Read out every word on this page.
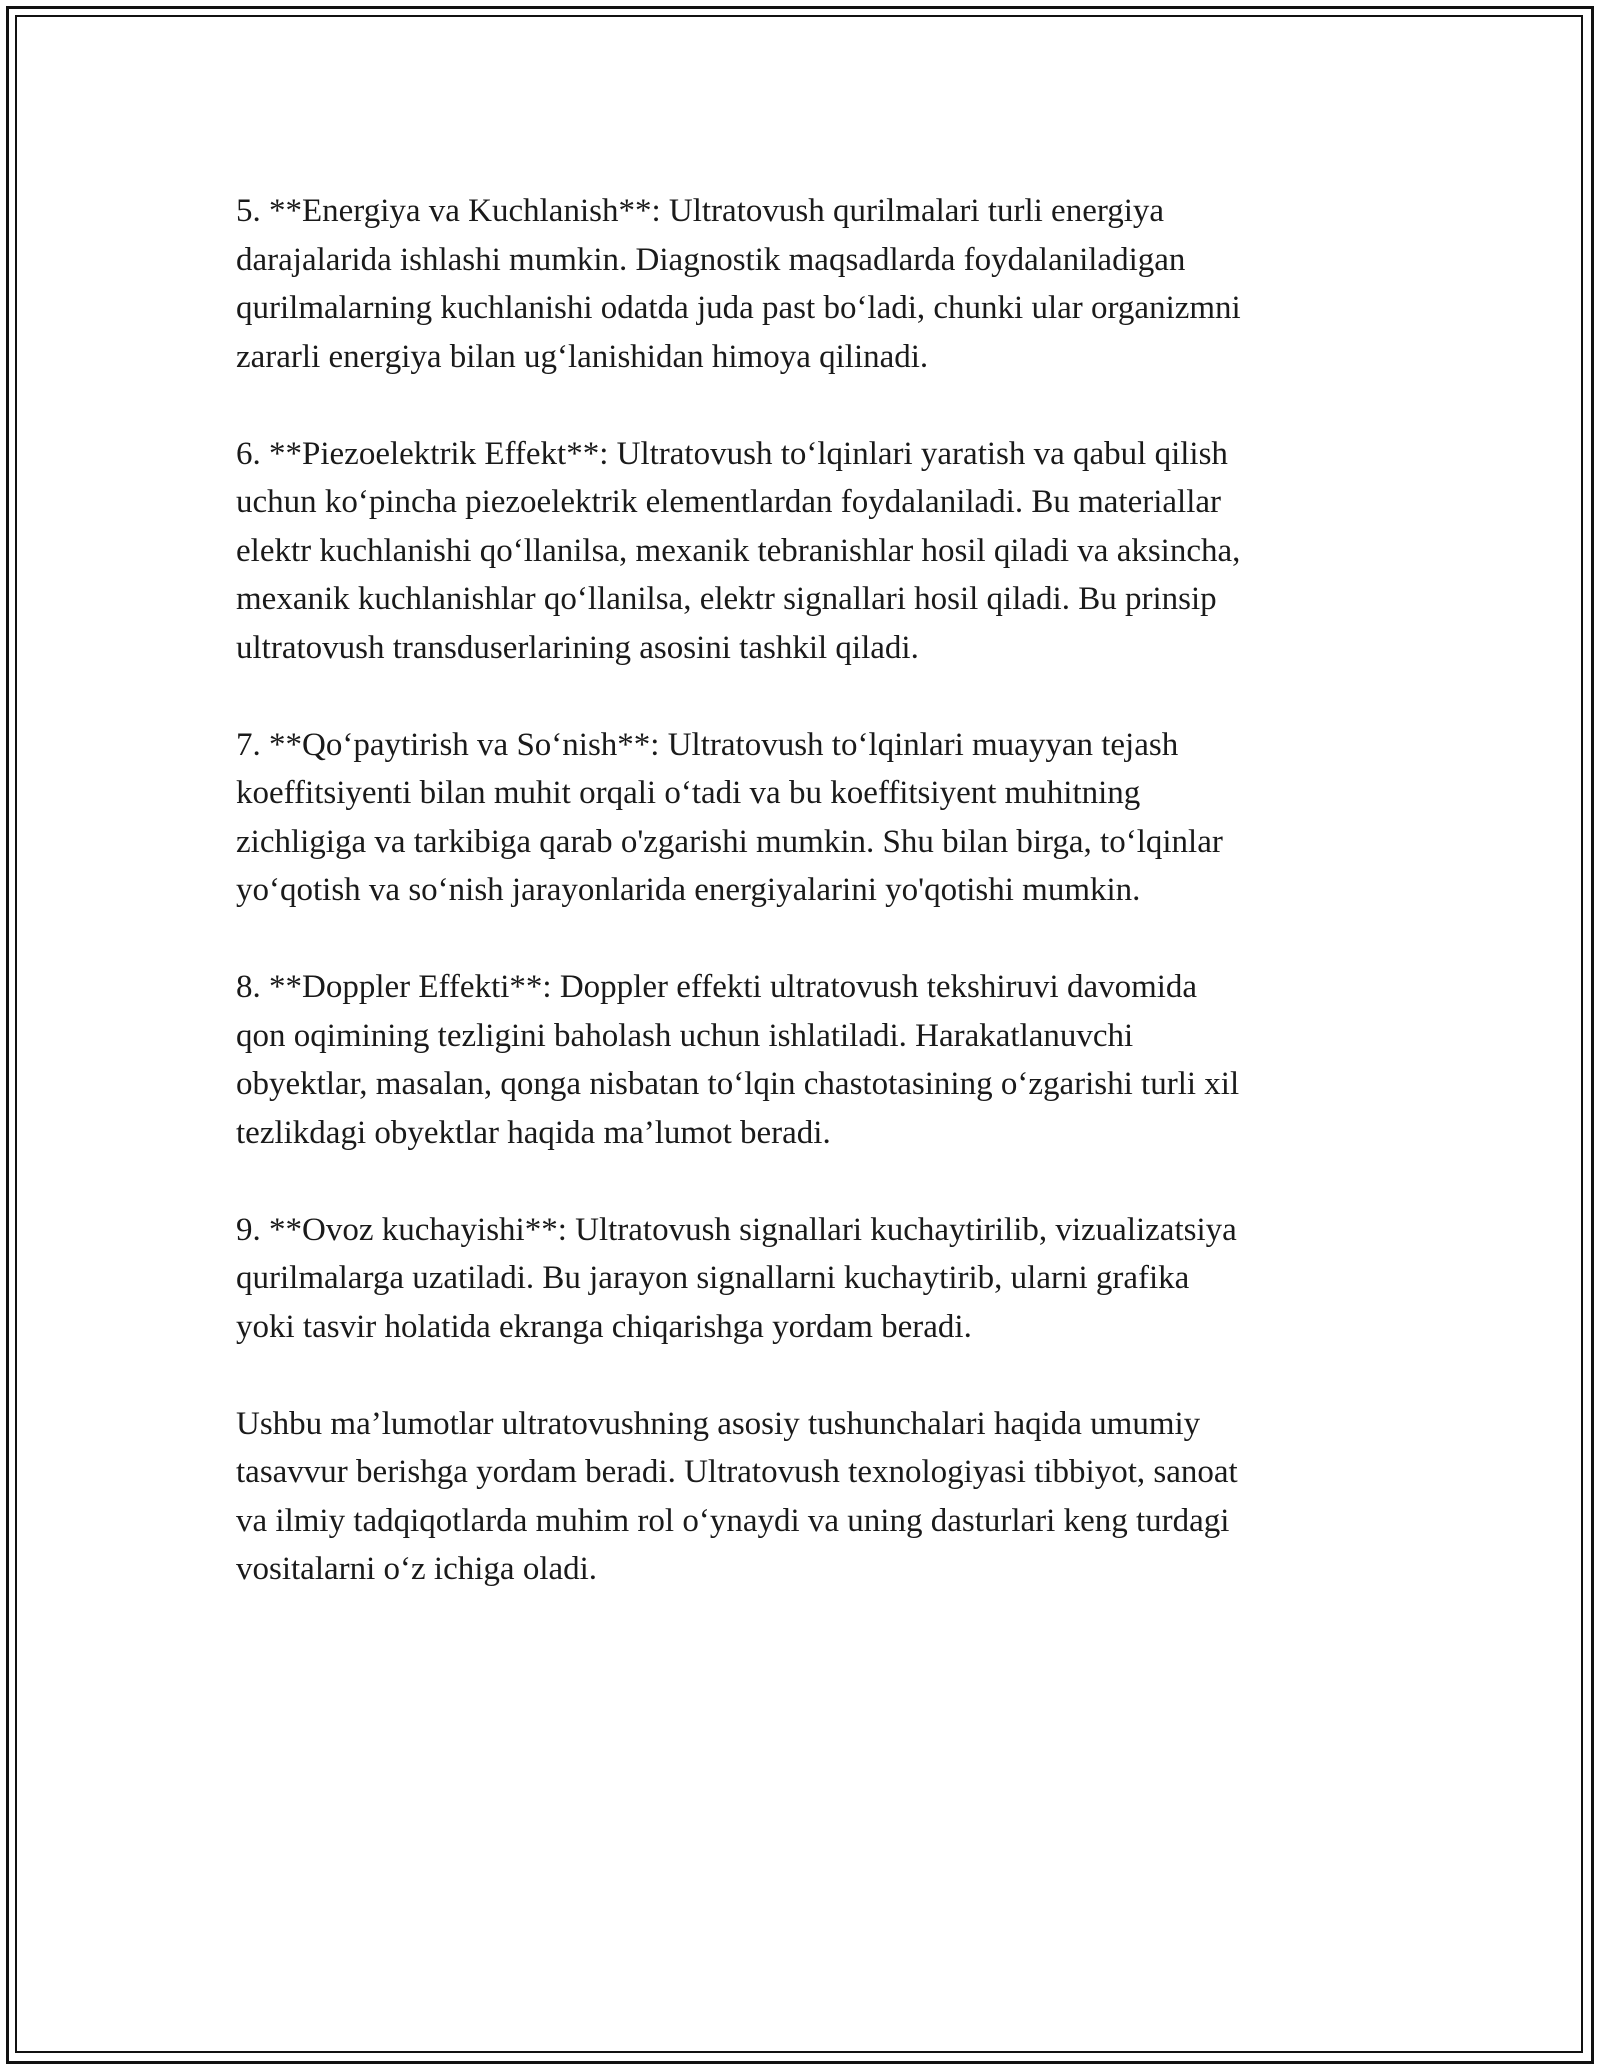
5. **Energiya va Kuchlanish**: Ultratovush qurilmalari turli energiya
darajalarida ishlashi mumkin. Diagnostik maqsadlarda foydalaniladigan
qurilmalarning kuchlanishi odatda juda past bo‘ladi, chunki ular organizmni
zararli energiya bilan ug‘lanishidan himoya qilinadi.

6. **Piezoelektrik Effekt**: Ultratovush to‘lqinlari yaratish va qabul qilish
uchun ko‘pincha piezoelektrik elementlardan foydalaniladi. Bu materiallar
elektr kuchlanishi qo‘llanilsa, mexanik tebranishlar hosil qiladi va aksincha,
mexanik kuchlanishlar qo‘llanilsa, elektr signallari hosil qiladi. Bu prinsip
ultratovush transduserlarining asosini tashkil qiladi.

7. **Qo‘paytirish va So‘nish**: Ultratovush to‘lqinlari muayyan tejash
koeffitsiyenti bilan muhit orqali o‘tadi va bu koeffitsiyent muhitning
zichligiga va tarkibiga qarab o'zgarishi mumkin. Shu bilan birga, to‘lqinlar
yo‘qotish va so‘nish jarayonlarida energiyalarini yo'qotishi mumkin.

8. **Doppler Effekti**: Doppler effekti ultratovush tekshiruvi davomida
qon oqimining tezligini baholash uchun ishlatiladi. Harakatlanuvchi
obyektlar, masalan, qonga nisbatan to‘lqin chastotasining o‘zgarishi turli xil
tezlikdagi obyektlar haqida ma’lumot beradi.

9. **Ovoz kuchayishi**: Ultratovush signallari kuchaytirilib, vizualizatsiya
qurilmalarga uzatiladi. Bu jarayon signallarni kuchaytirib, ularni grafika
yoki tasvir holatida ekranga chiqarishga yordam beradi.

Ushbu ma’lumotlar ultratovushning asosiy tushunchalari haqida umumiy
tasavvur berishga yordam beradi. Ultratovush texnologiyasi tibbiyot, sanoat
va ilmiy tadqiqotlarda muhim rol o‘ynaydi va uning dasturlari keng turdagi
vositalarni o‘z ichiga oladi.
